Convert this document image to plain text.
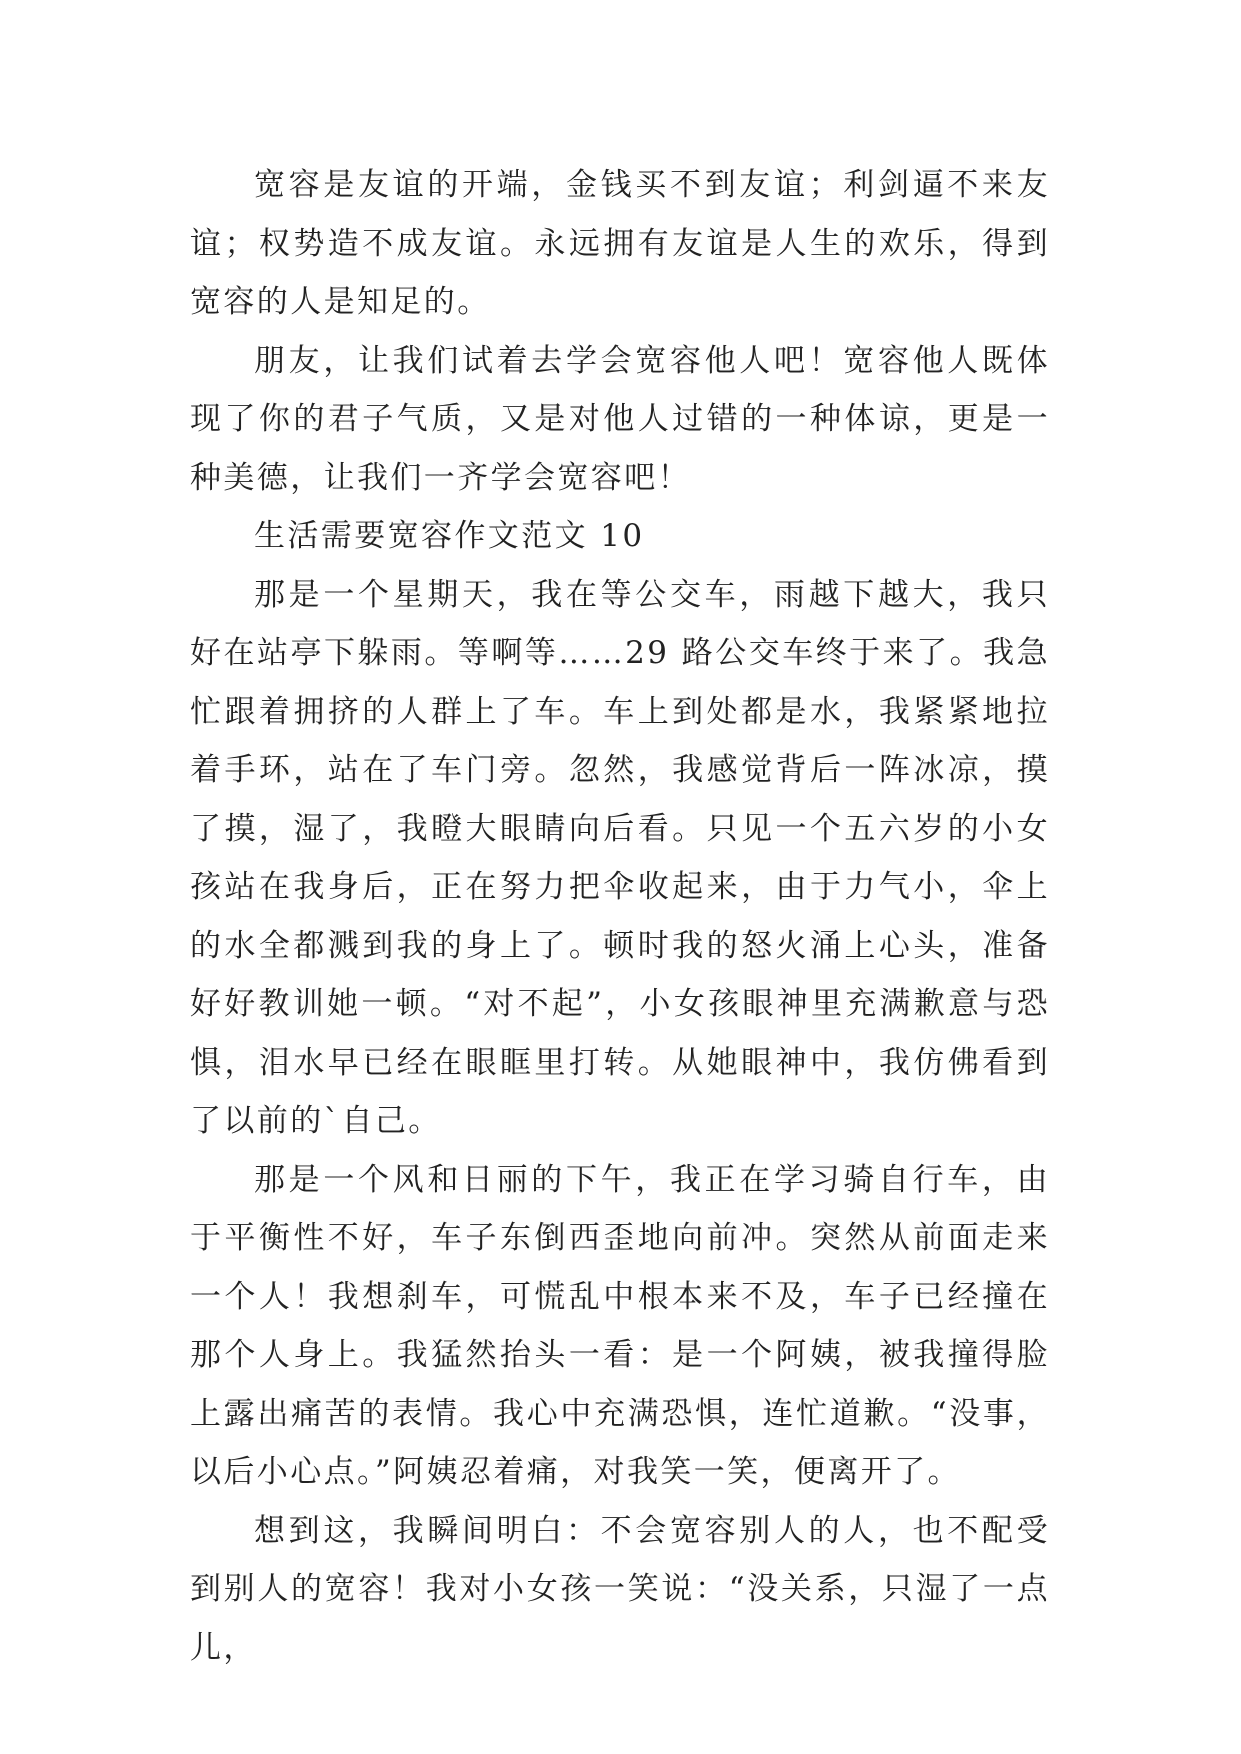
宽容是友谊的开端，金钱买不到友谊；利剑逼不来友谊；权势造不成友谊。永远拥有友谊是人生的欢乐，得到宽容的人是知足的。

朋友，让我们试着去学会宽容他人吧！宽容他人既体现了你的君子气质，又是对他人过错的一种体谅，更是一种美德，让我们一齐学会宽容吧！

生活需要宽容作文范文 10

那是一个星期天，我在等公交车，雨越下越大，我只好在站亭下躲雨。等啊等……29 路公交车终于来了。我急忙跟着拥挤的人群上了车。车上到处都是水，我紧紧地拉着手环，站在了车门旁。忽然，我感觉背后一阵冰凉，摸了摸，湿了，我瞪大眼睛向后看。只见一个五六岁的小女孩站在我身后，正在努力把伞收起来，由于力气小，伞上的水全都溅到我的身上了。顿时我的怒火涌上心头，准备好好教训她一顿。“对不起”，小女孩眼神里充满歉意与恐惧，泪水早已经在眼眶里打转。从她眼神中，我仿佛看到了以前的`自己。

那是一个风和日丽的下午，我正在学习骑自行车，由于平衡性不好，车子东倒西歪地向前冲。突然从前面走来一个人！我想刹车，可慌乱中根本来不及，车子已经撞在那个人身上。我猛然抬头一看：是一个阿姨，被我撞得脸上露出痛苦的表情。我心中充满恐惧，连忙道歉。“没事，以后小心点。”阿姨忍着痛，对我笑一笑，便离开了。

想到这，我瞬间明白：不会宽容别人的人，也不配受到别人的宽容！我对小女孩一笑说：“没关系，只湿了一点儿，
